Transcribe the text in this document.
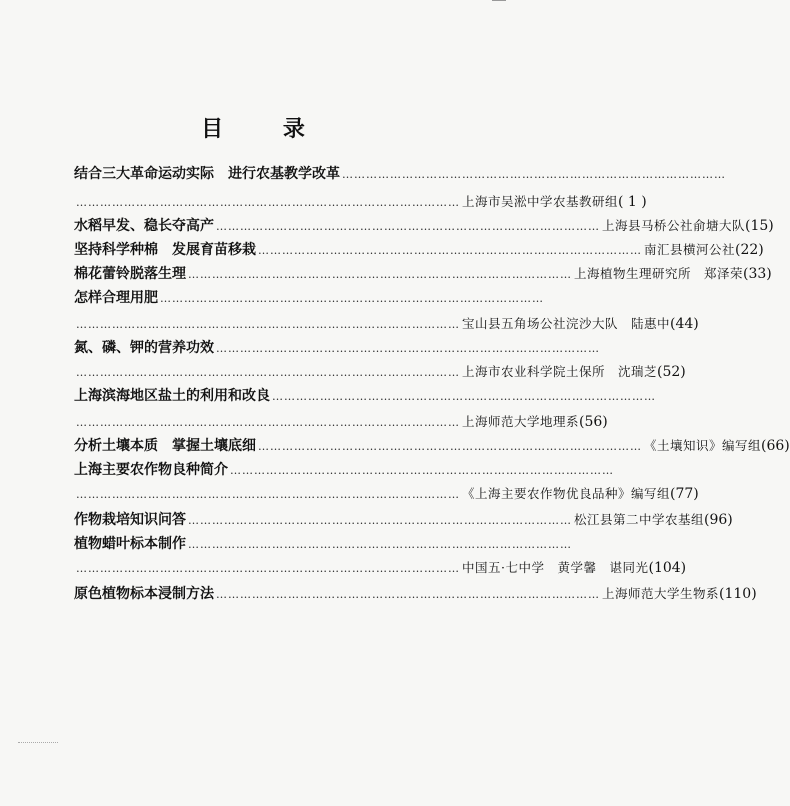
目 录
结合三大革命运动实际　进行农基教学改革 ……………………………………………………………………………………
…………………………………………………………………………………… 上海市吴淞中学农基教研组 ( 1 )
水稻早发、稳长夺高产 …………………………………………………………………………………… 上海县马桥公社俞塘大队 (15)
坚持科学种棉　发展育苗移栽 …………………………………………………………………………………… 南汇县横河公社 (22)
棉花蕾铃脱落生理 …………………………………………………………………………………… 上海植物生理研究所　郑泽荣 (33)
怎样合理用肥 ……………………………………………………………………………………
…………………………………………………………………………………… 宝山县五角场公社浣沙大队　陆惠中 (44)
氮、磷、钾的营养功效 ……………………………………………………………………………………
…………………………………………………………………………………… 上海市农业科学院土保所　沈瑞芝 (52)
上海滨海地区盐土的利用和改良 ……………………………………………………………………………………
…………………………………………………………………………………… 上海师范大学地理系 (56)
分析土壤本质　掌握土壤底细 …………………………………………………………………………………… 《土壤知识》编写组 (66)
上海主要农作物良种简介 ……………………………………………………………………………………
…………………………………………………………………………………… 《上海主要农作物优良品种》编写组 (77)
作物栽培知识问答 …………………………………………………………………………………… 松江县第二中学农基组 (96)
植物蜡叶标本制作 ……………………………………………………………………………………
…………………………………………………………………………………… 中国五·七中学　黄学馨　谌同光 (104)
原色植物标本浸制方法 …………………………………………………………………………………… 上海师范大学生物系 (110)
